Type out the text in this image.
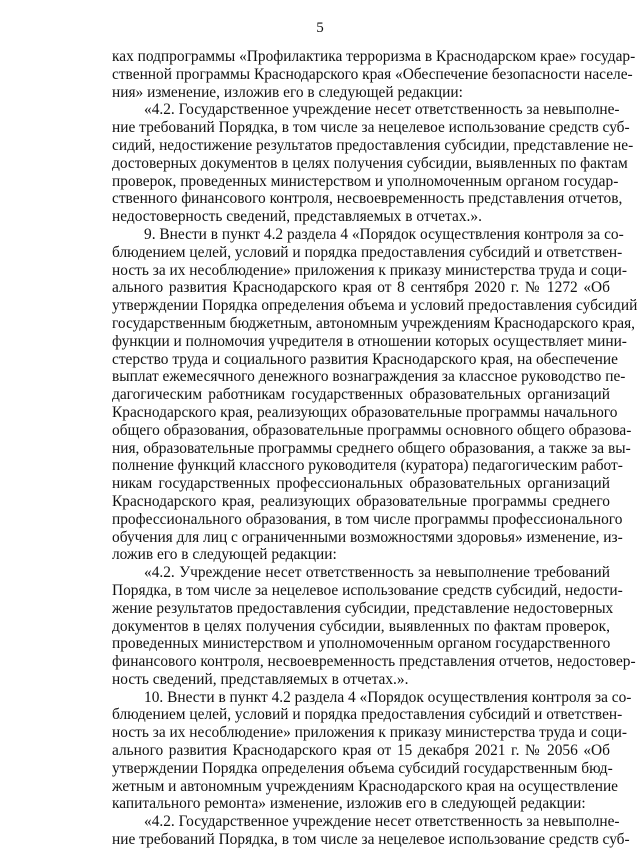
5

ках подпрограммы «Профилактика терроризма в Краснодарском крае» государ-
ственной программы Краснодарского края «Обеспечение безопасности населе-
ния» изменение, изложив его в следующей редакции:

«4.2. Государственное учреждение несет ответственность за невыполне-
ние требований Порядка, в том числе за нецелевое использование средств суб-
сидий, недостижение результатов предоставления субсидии, представление не-
достоверных документов в целях получения субсидии, выявленных по фактам
проверок, проведенных министерством и уполномоченным органом государ-
ственного финансового контроля, несвоевременность представления отчетов,
недостоверность сведений, представляемых в отчетах.».

9. Внести в пункт 4.2 раздела 4 «Порядок осуществления контроля за со-
блюдением целей, условий и порядка предоставления субсидий и ответствен-
ность за их несоблюдение» приложения к приказу министерства труда и соци-
ального развития Краснодарского края от 8 сентября 2020 г. № 1272 «Об
утверждении Порядка определения объема и условий предоставления субсидий
государственным бюджетным, автономным учреждениям Краснодарского края,
функции и полномочия учредителя в отношении которых осуществляет мини-
стерство труда и социального развития Краснодарского края, на обеспечение
выплат ежемесячного денежного вознаграждения за классное руководство пе-
дагогическим работникам государственных образовательных организаций
Краснодарского края, реализующих образовательные программы начального
общего образования, образовательные программы основного общего образова-
ния, образовательные программы среднего общего образования, а также за вы-
полнение функций классного руководителя (куратора) педагогическим работ-
никам государственных профессиональных образовательных организаций
Краснодарского края, реализующих образовательные программы среднего
профессионального образования, в том числе программы профессионального
обучения для лиц с ограниченными возможностями здоровья» изменение, из-
ложив его в следующей редакции:

«4.2. Учреждение несет ответственность за невыполнение требований
Порядка, в том числе за нецелевое использование средств субсидий, недости-
жение результатов предоставления субсидии, представление недостоверных
документов в целях получения субсидии, выявленных по фактам проверок,
проведенных министерством и уполномоченным органом государственного
финансового контроля, несвоевременность представления отчетов, недостовер-
ность сведений, представляемых в отчетах.».

10. Внести в пункт 4.2 раздела 4 «Порядок осуществления контроля за со-
блюдением целей, условий и порядка предоставления субсидий и ответствен-
ность за их несоблюдение» приложения к приказу министерства труда и соци-
ального развития Краснодарского края от 15 декабря 2021 г. № 2056 «Об
утверждении Порядка определения объема субсидий государственным бюд-
жетным и автономным учреждениям Краснодарского края на осуществление
капитального ремонта» изменение, изложив его в следующей редакции:

«4.2. Государственное учреждение несет ответственность за невыполне-
ние требований Порядка, в том числе за нецелевое использование средств суб-
